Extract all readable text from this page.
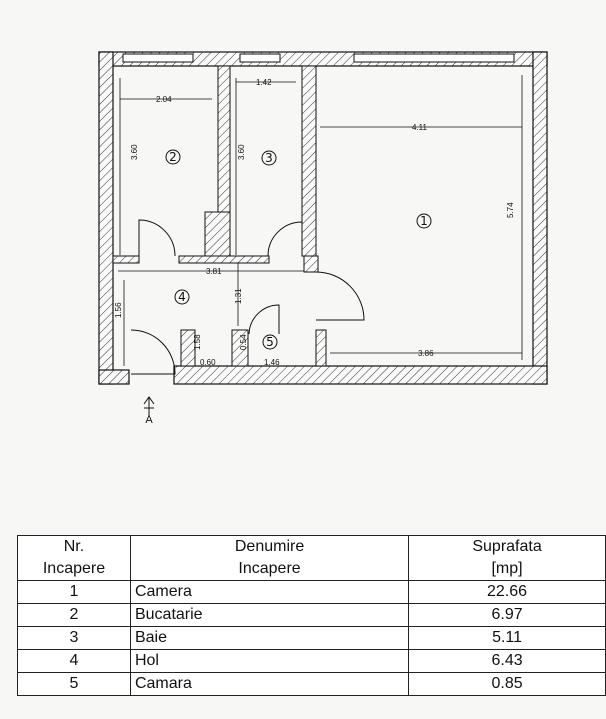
2.04
3.60
1.42
3.60
4.11
5.74
3.86
3.81
1.56
1.31
1.58
0.60
0.54
1.46
1
2	3
4
5
A
Nr.	Denumire	Suprafata
Incapere	Incapere	[mp]
1	Camera	22.66
2	Bucatarie	6.97
3	Baie	5.11
4	Hol	6.43
5	Camara	0.85
